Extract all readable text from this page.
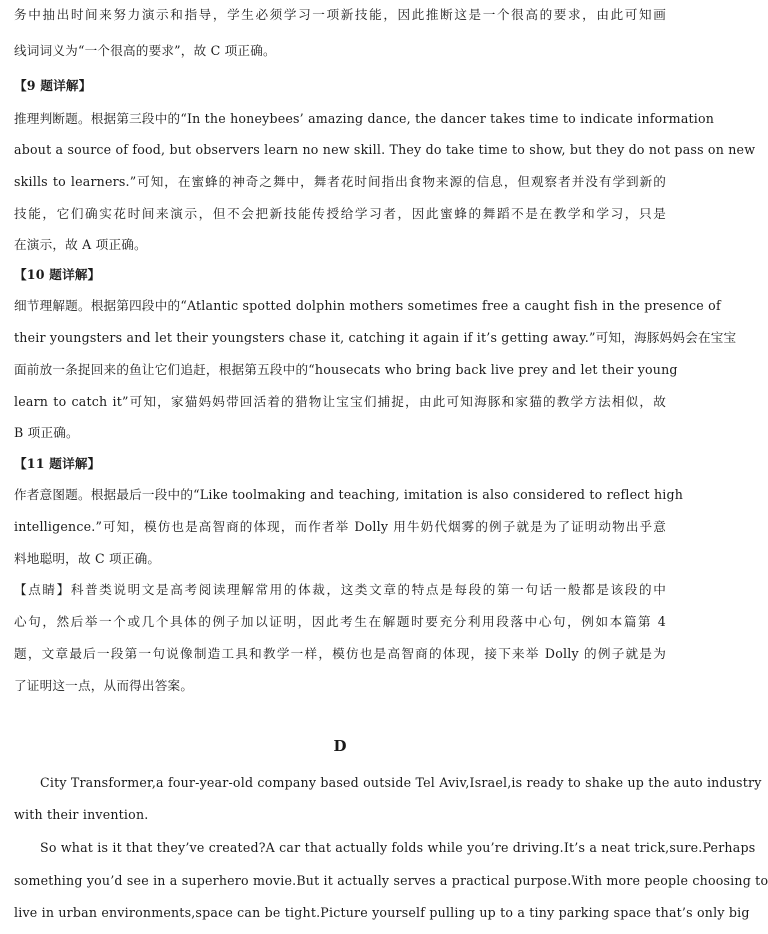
务中抽出时间来努力演示和指导，学生必须学习一项新技能，因此推断这是一个很高的要求，由此可知画
线词词义为“一个很高的要求”，故 C 项正确。
【9 题详解】
推理判断题。根据第三段中的“In the honeybees’ amazing dance, the dancer takes time to indicate information
about a source of food, but observers learn no new skill. They do take time to show, but they do not pass on new
skills to learners.”可知，在蜜蜂的神奇之舞中，舞者花时间指出食物来源的信息，但观察者并没有学到新的
技能，它们确实花时间来演示，但不会把新技能传授给学习者，因此蜜蜂的舞蹈不是在教学和学习，只是
在演示，故 A 项正确。
【10 题详解】
细节理解题。根据第四段中的“Atlantic spotted dolphin mothers sometimes free a caught fish in the presence of
their youngsters and let their youngsters chase it, catching it again if it’s getting away.”可知，海豚妈妈会在宝宝
面前放一条捉回来的鱼让它们追赶，根据第五段中的“housecats who bring back live prey and let their young
learn to catch it”可知，家猫妈妈带回活着的猎物让宝宝们捕捉，由此可知海豚和家猫的教学方法相似，故
B 项正确。
【11 题详解】
作者意图题。根据最后一段中的“Like toolmaking and teaching, imitation is also considered to reflect high
intelligence.”可知，模仿也是高智商的体现，而作者举 Dolly 用牛奶代烟雾的例子就是为了证明动物出乎意
料地聪明，故 C 项正确。
【点睛】科普类说明文是高考阅读理解常用的体裁，这类文章的特点是每段的第一句话一般都是该段的中
心句，然后举一个或几个具体的例子加以证明，因此考生在解题时要充分利用段落中心句，例如本篇第 4
题，文章最后一段第一句说像制造工具和教学一样，模仿也是高智商的体现，接下来举 Dolly 的例子就是为
了证明这一点，从而得出答案。
D
City Transformer,a four-year-old company based outside Tel Aviv,Israel,is ready to shake up the auto industry
with their invention.
So what is it that they’ve created?A car that actually folds while you’re driving.It’s a neat trick,sure.Perhaps
something you’d see in a superhero movie.But it actually serves a practical purpose.With more people choosing to
live in urban environments,space can be tight.Picture yourself pulling up to a tiny parking space that’s only big
